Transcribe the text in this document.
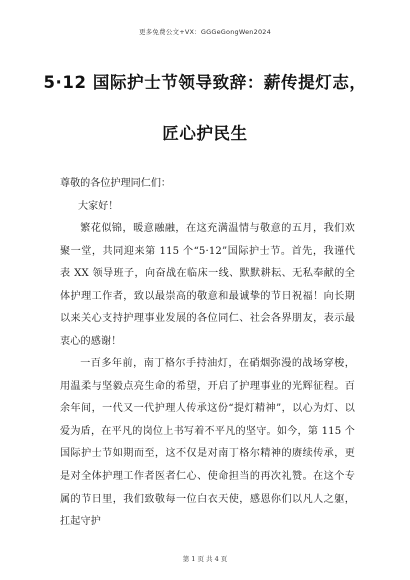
更多免费公文+VX：GGGeGongWen2024
5·12 国际护士节领导致辞：薪传提灯志，
匠心护民生
尊敬的各位护理同仁们：
大家好！

繁花似锦，暖意融融，在这充满温情与敬意的五月，我们欢聚一堂，共同迎来第 115 个“5·12”国际护士节。首先，我谨代表 XX 领导班子，向奋战在临床一线、默默耕耘、无私奉献的全体护理工作者，致以最崇高的敬意和最诚挚的节日祝福！向长期以来关心支持护理事业发展的各位同仁、社会各界朋友，表示最衷心的感谢！

一百多年前，南丁格尔手持油灯，在硝烟弥漫的战场穿梭，用温柔与坚毅点亮生命的希望，开启了护理事业的光辉征程。百余年间，一代又一代护理人传承这份“提灯精神”，以心为灯、以爱为盾，在平凡的岗位上书写着不平凡的坚守。如今，第 115 个国际护士节如期而至，这不仅是对南丁格尔精神的赓续传承，更是对全体护理工作者医者仁心、使命担当的再次礼赞。在这个专属的节日里，我们致敬每一位白衣天使，感恩你们以凡人之躯，扛起守护

第 1 页 共 4 页
